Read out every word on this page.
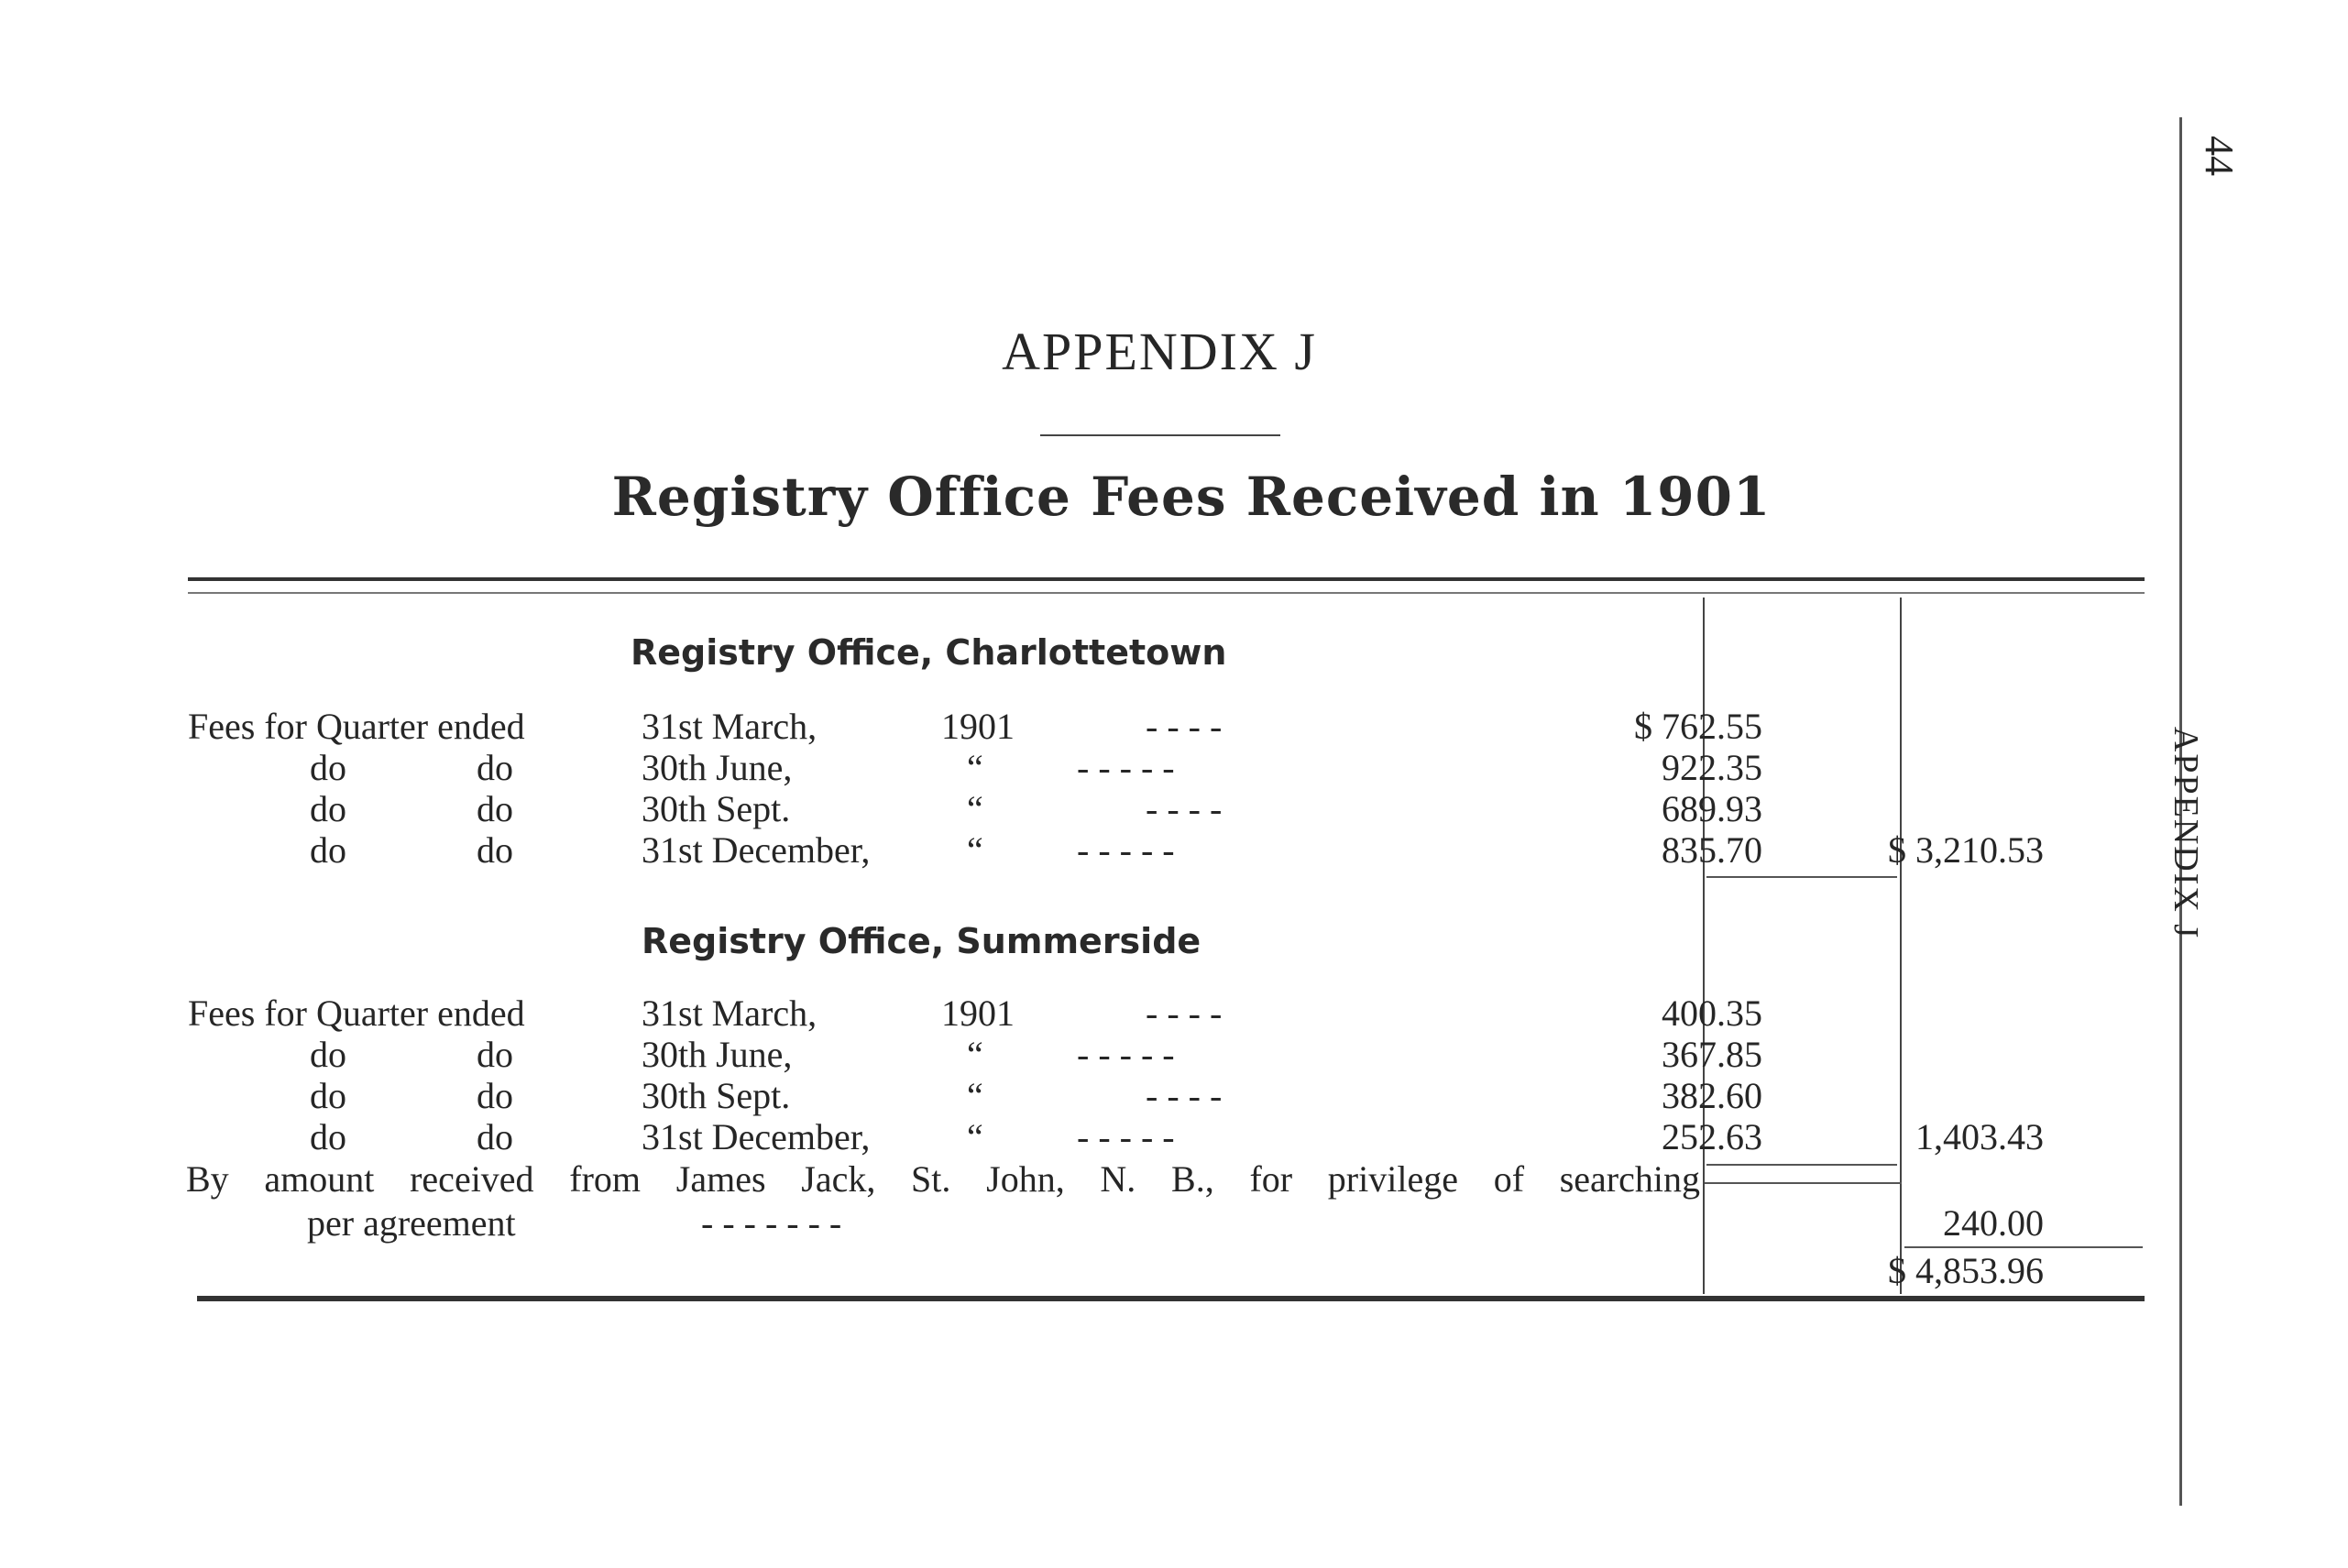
44
APPENDIX J
APPENDIX J
Registry Office Fees Received in 1901
Registry Office, Charlottetown
Fees for Quarter ended	31st March,	1901	- - - -	$ 762.55
do	do	30th June,	“	- - - - -	922.35
do	do	30th Sept.	“	- - - -	689.93
do	do	31st December,	“	- - - - -	835.70	$ 3,210.53
Registry Office, Summerside
Fees for Quarter ended	31st March,	1901	- - - -	400.35
do	do	30th June,	“	- - - - -	367.85
do	do	30th Sept.	“	- - - -	382.60
do	do	31st December,	“	- - - - -	252.63	1,403.43
By amount received from James Jack, St. John, N. B., for privilege of searching
per agreement	- - - - - - -	240.00
$ 4,853.96
